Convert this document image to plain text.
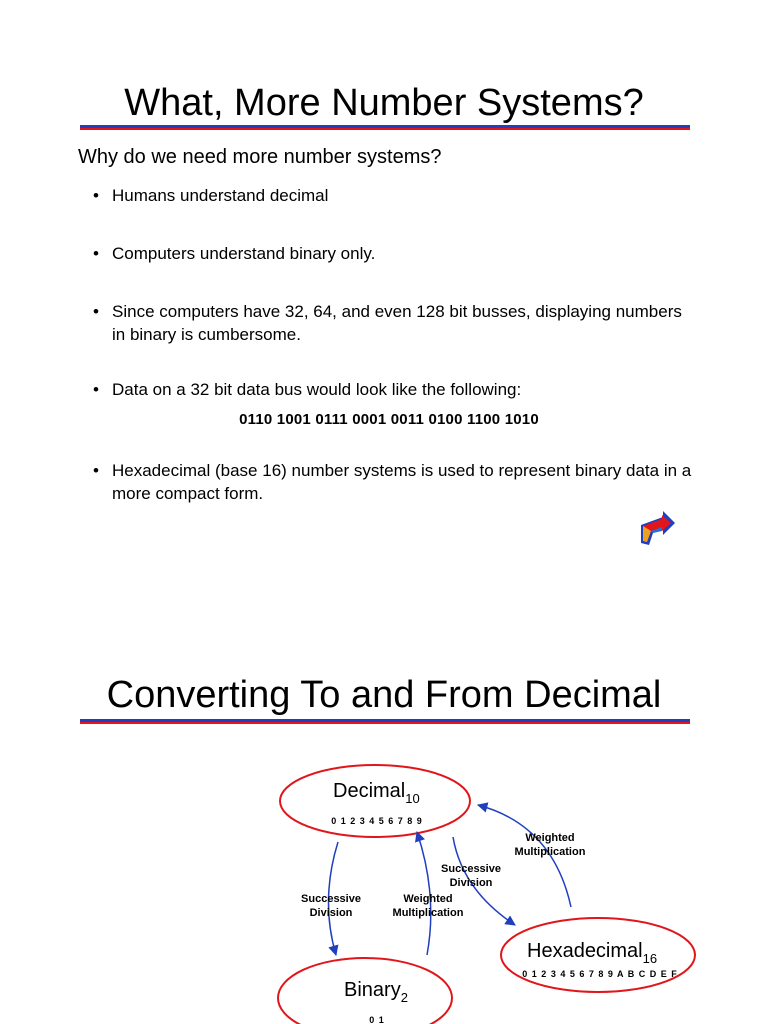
What, More Number Systems?

Why do we need more number systems?

• Humans understand decimal
• Computers understand binary only.
• Since computers have 32, 64, and even 128 bit busses, displaying numbers in binary is cumbersome.
• Data on a 32 bit data bus would look like the following:
• Hexadecimal (base 16) number systems is used to represent binary data in a more compact form.
0110 1001 0111 0001 0011 0100 1100 1010
Converting To and From Decimal
Decimal$_{10}$
0 1 2 3 4 5 6 7 8 9
Hexadecimal$_{16}$
0 1 2 3 4 5 6 7 8 9 A B C D E F
Binary$_2$
0 1
Successive
Division
Weighted
Multiplication
Successive
Division
Weighted
Multiplication
